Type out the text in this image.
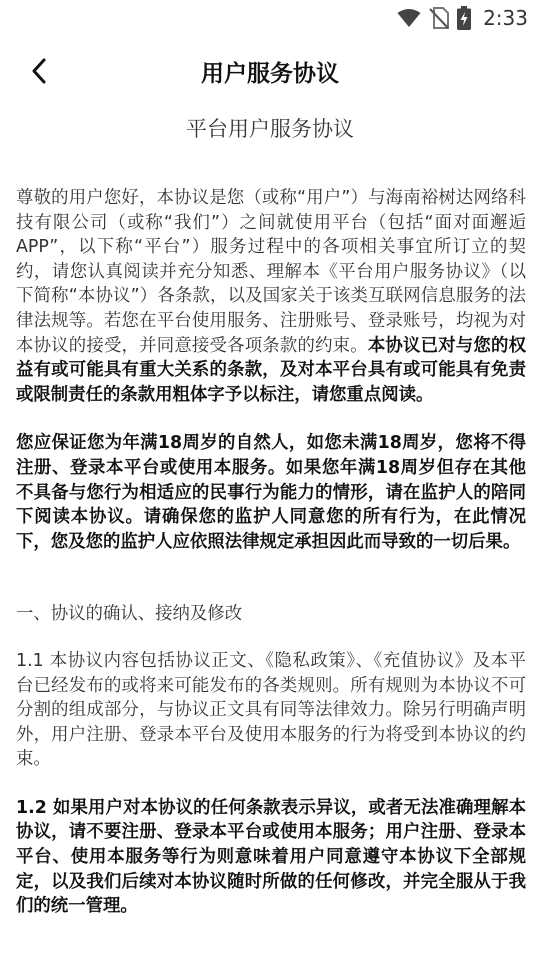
2:33
用户服务协议
平台用户服务协议

尊敬的用户您好，本协议是您（或称“用户”）与海南裕树达网络科技有限公司（或称“我们”）之间就使用平台（包括“面对面邂逅APP”，以下称“平台”）服务过程中的各项相关事宜所订立的契约，请您认真阅读并充分知悉、理解本《平台用户服务协议》（以下简称“本协议”）各条款，以及国家关于该类互联网信息服务的法律法规等。若您在平台使用服务、注册账号、登录账号，均视为对本协议的接受，并同意接受各项条款的约束。本协议已对与您的权益有或可能具有重大关系的条款，及对本平台具有或可能具有免责或限制责任的条款用粗体字予以标注，请您重点阅读。

您应保证您为年满18周岁的自然人，如您未满18周岁，您将不得注册、登录本平台或使用本服务。如果您年满18周岁但存在其他不具备与您行为相适应的民事行为能力的情形，请在监护人的陪同下阅读本协议。请确保您的监护人同意您的所有行为，在此情况下，您及您的监护人应依照法律规定承担因此而导致的一切后果。

一、协议的确认、接纳及修改

1.1 本协议内容包括协议正文、《隐私政策》、《充值协议》及本平台已经发布的或将来可能发布的各类规则。所有规则为本协议不可分割的组成部分，与协议正文具有同等法律效力。除另行明确声明外，用户注册、登录本平台及使用本服务的行为将受到本协议的约束。

1.2 如果用户对本协议的任何条款表示异议，或者无法准确理解本协议，请不要注册、登录本平台或使用本服务；用户注册、登录本平台、使用本服务等行为则意味着用户同意遵守本协议下全部规定，以及我们后续对本协议随时所做的任何修改，并完全服从于我们的统一管理。
